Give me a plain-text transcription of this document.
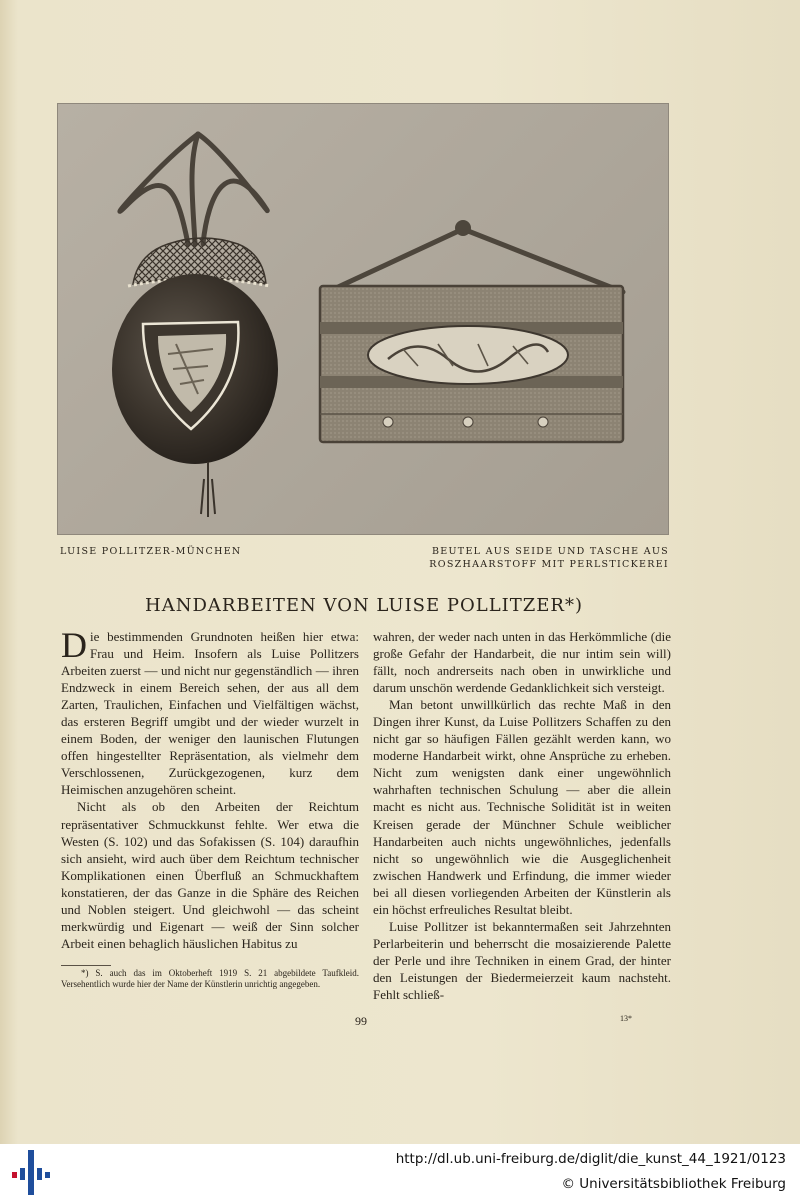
LUISE POLLITZER-MÜNCHEN	BEUTEL AUS SEIDE UND TASCHE AUS
ROSZHAARSTOFF MIT PERLSTICKEREI
HANDARBEITEN VON LUISE POLLITZER*)

Die bestimmenden Grundnoten heißen hier etwa: Frau und Heim. Insofern als Luise Pollitzers Arbeiten zuerst — und nicht nur gegenständlich — ihren Endzweck in einem Bereich sehen, der aus all dem Zarten, Traulichen, Einfachen und Vielfältigen wächst, das ersteren Begriff umgibt und der wieder wurzelt in einem Boden, der weniger den launischen Flutungen offen hingestellter Repräsentation, als vielmehr dem Verschlossenen, Zurückgezogenen, kurz dem Heimischen anzugehören scheint.

Nicht als ob den Arbeiten der Reichtum repräsentativer Schmuckkunst fehlte. Wer etwa die Westen (S. 102) und das Sofakissen (S. 104) daraufhin sich ansieht, wird auch über dem Reichtum technischer Komplikationen einen Überfluß an Schmuckhaftem konstatieren, der das Ganze in die Sphäre des Reichen und Noblen steigert. Und gleichwohl — das scheint merkwürdig und Eigenart — weiß der Sinn solcher Arbeit einen behaglich häuslichen Habitus zu

wahren, der weder nach unten in das Herkömmliche (die große Gefahr der Handarbeit, die nur intim sein will) fällt, noch andrerseits nach oben in unwirkliche und darum unschön werdende Gedanklichkeit sich versteigt.

Man betont unwillkürlich das rechte Maß in den Dingen ihrer Kunst, da Luise Pollitzers Schaffen zu den nicht gar so häufigen Fällen gezählt werden kann, wo moderne Handarbeit wirkt, ohne Ansprüche zu erheben. Nicht zum wenigsten dank einer ungewöhnlich wahrhaften technischen Schulung — aber die allein macht es nicht aus. Technische Solidität ist in weiten Kreisen gerade der Münchner Schule weiblicher Handarbeiten auch nichts ungewöhnliches, jedenfalls nicht so ungewöhnlich wie die Ausgeglichenheit zwischen Handwerk und Erfindung, die immer wieder bei all diesen vorliegenden Arbeiten der Künstlerin als ein höchst erfreuliches Resultat bleibt.

Luise Pollitzer ist bekanntermaßen seit Jahrzehnten Perlarbeiterin und beherrscht die mosaizierende Palette der Perle und ihre Techniken in einem Grad, der hinter den Leistungen der Biedermeierzeit kaum nachsteht. Fehlt schließ-

*) S. auch das im Oktoberheft 1919 S. 21 abgebildete Taufkleid. Versehentlich wurde hier der Name der Künstlerin unrichtig angegeben.
99	13*
http://dl.ub.uni-freiburg.de/diglit/die_kunst_44_1921/0123
© Universitätsbibliothek Freiburg
